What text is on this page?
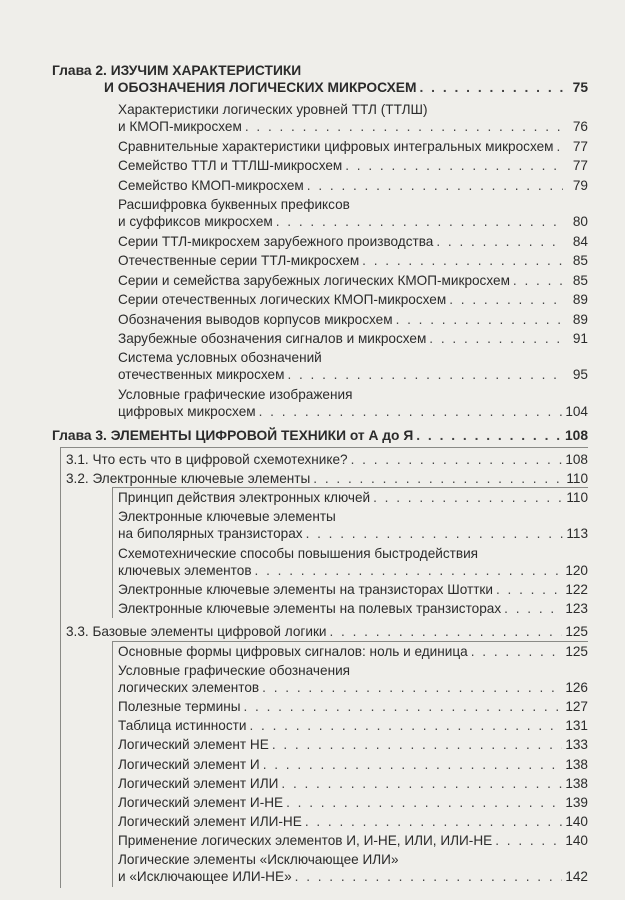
Глава 2. ИЗУЧИМ ХАРАКТЕРИСТИКИ
И ОБОЗНАЧЕНИЯ ЛОГИЧЕСКИХ МИКРОСХЕМ . . .	75
Характеристики логических уровней ТТЛ (ТТЛШ)
и КМОП-микросхем . . .	76
Сравнительные характеристики цифровых интегральных микросхем . . .	77
Семейство ТТЛ и ТТЛШ-микросхем . . .	77
Семейство КМОП-микросхем . . .	79
Расшифровка буквенных префиксов
и суффиксов микросхем . . .	80
Серии ТТЛ-микросхем зарубежного производства . . .	84
Отечественные серии ТТЛ-микросхем . . .	85
Серии и семейства зарубежных логических КМОП-микросхем . . .	85
Серии отечественных логических КМОП-микросхем . . .	89
Обозначения выводов корпусов микросхем . . .	89
Зарубежные обозначения сигналов и микросхем . . .	91
Система условных обозначений
отечественных микросхем . . .	95
Условные графические изображения
цифровых микросхем . . .	104
Глава 3. ЭЛЕМЕНТЫ ЦИФРОВОЙ ТЕХНИКИ от А до Я . . .	108
3.1. Что есть что в цифровой схемотехнике? . . .	108
3.2. Электронные ключевые элементы . . .	110
Принцип действия электронных ключей . . .	110
Электронные ключевые элементы
на биполярных транзисторах . . .	113
Схемотехнические способы повышения быстродействия
ключевых элементов . . .	120
Электронные ключевые элементы на транзисторах Шоттки . . .	122
Электронные ключевые элементы на полевых транзисторах . . .	123
3.3. Базовые элементы цифровой логики . . .	125
Основные формы цифровых сигналов: ноль и единица . . .	125
Условные графические обозначения
логических элементов . . .	126
Полезные термины . . .	127
Таблица истинности . . .	131
Логический элемент НЕ . . .	133
Логический элемент И . . .	138
Логический элемент ИЛИ . . .	138
Логический элемент И-НЕ . . .	139
Логический элемент ИЛИ-НЕ . . .	140
Применение логических элементов И, И-НЕ, ИЛИ, ИЛИ-НЕ . . .	140
Логические элементы «Исключающее ИЛИ»
и «Исключающее ИЛИ-НЕ» . . .	142
